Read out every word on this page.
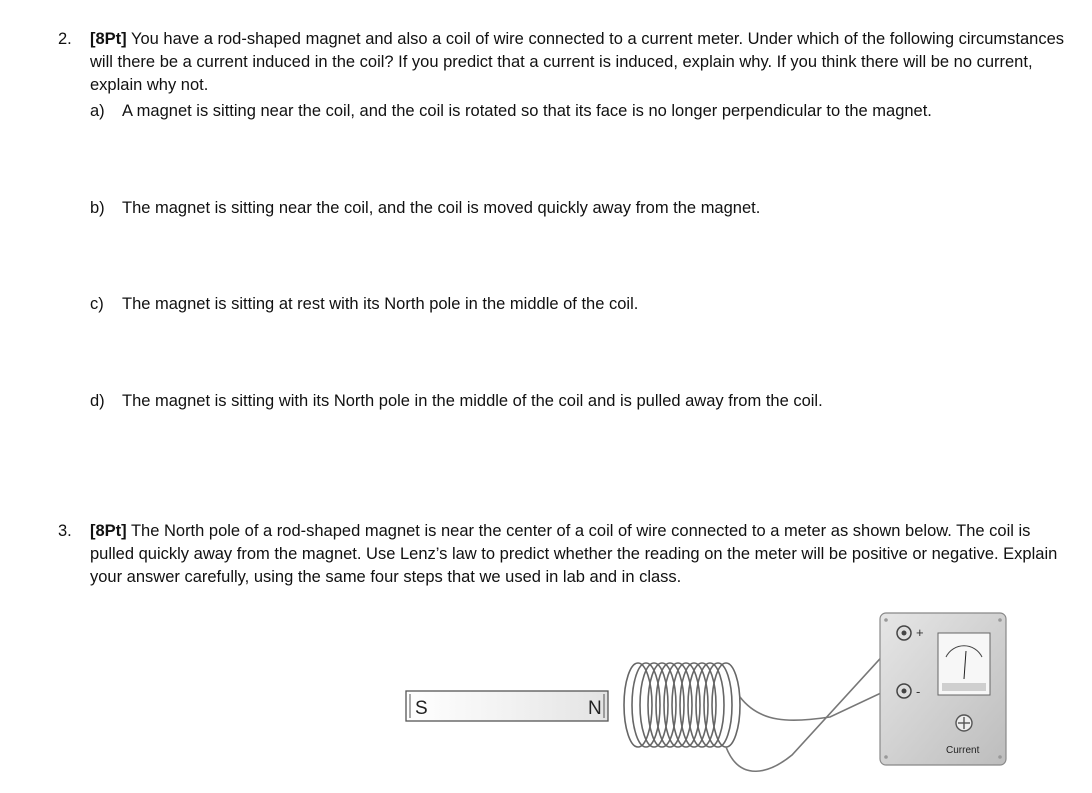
2.	[8Pt] You have a rod-shaped magnet and also a coil of wire connected to a current meter. Under which of the following circumstances will there be a current induced in the coil? If you predict that a current is induced, explain why. If you think there will be no current, explain why not.
a) A magnet is sitting near the coil, and the coil is rotated so that its face is no longer perpendicular to the magnet.
b) The magnet is sitting near the coil, and the coil is moved quickly away from the magnet.
c) The magnet is sitting at rest with its North pole in the middle of the coil.
d) The magnet is sitting with its North pole in the middle of the coil and is pulled away from the coil.
3.	[8Pt] The North pole of a rod-shaped magnet is near the center of a coil of wire connected to a meter as shown below. The coil is pulled quickly away from the magnet. Use Lenz’s law to predict whether the reading on the meter will be positive or negative. Explain your answer carefully, using the same four steps that we used in lab and in class.
S	N
+
-
Current
